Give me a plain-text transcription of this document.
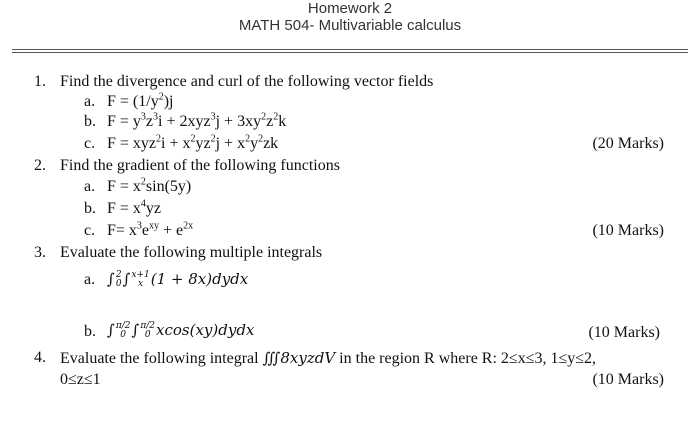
Homework 2
MATH 504- Multivariable calculus
1. Find the divergence and curl of the following vector fields
a. $F = (1/y^2)j$
b. $F = y^3z^3i + 2xyz^3j + 3xy^2z^2k$
c. $F = xyz^2i + x^2yz^2j + x^2y^2zk$	(20 Marks)
2. Find the gradient of the following functions
a. $F = x^2\sin(5y)$
b. $F = x^4yz$
c. $F= x^3e^{xy} + e^{2x}$	(10 Marks)
3. Evaluate the following multiple integrals
a. ∫2
0∫x+1
x (1 + 8x)dydx
b. ∫π/2
0 ∫π/2
0 xcos(xy)dydx	(10 Marks)
4. Evaluate the following integral ∭8xyzdV in the region R where R: 2≤x≤3, 1≤y≤2,
0≤z≤1	(10 Marks)
